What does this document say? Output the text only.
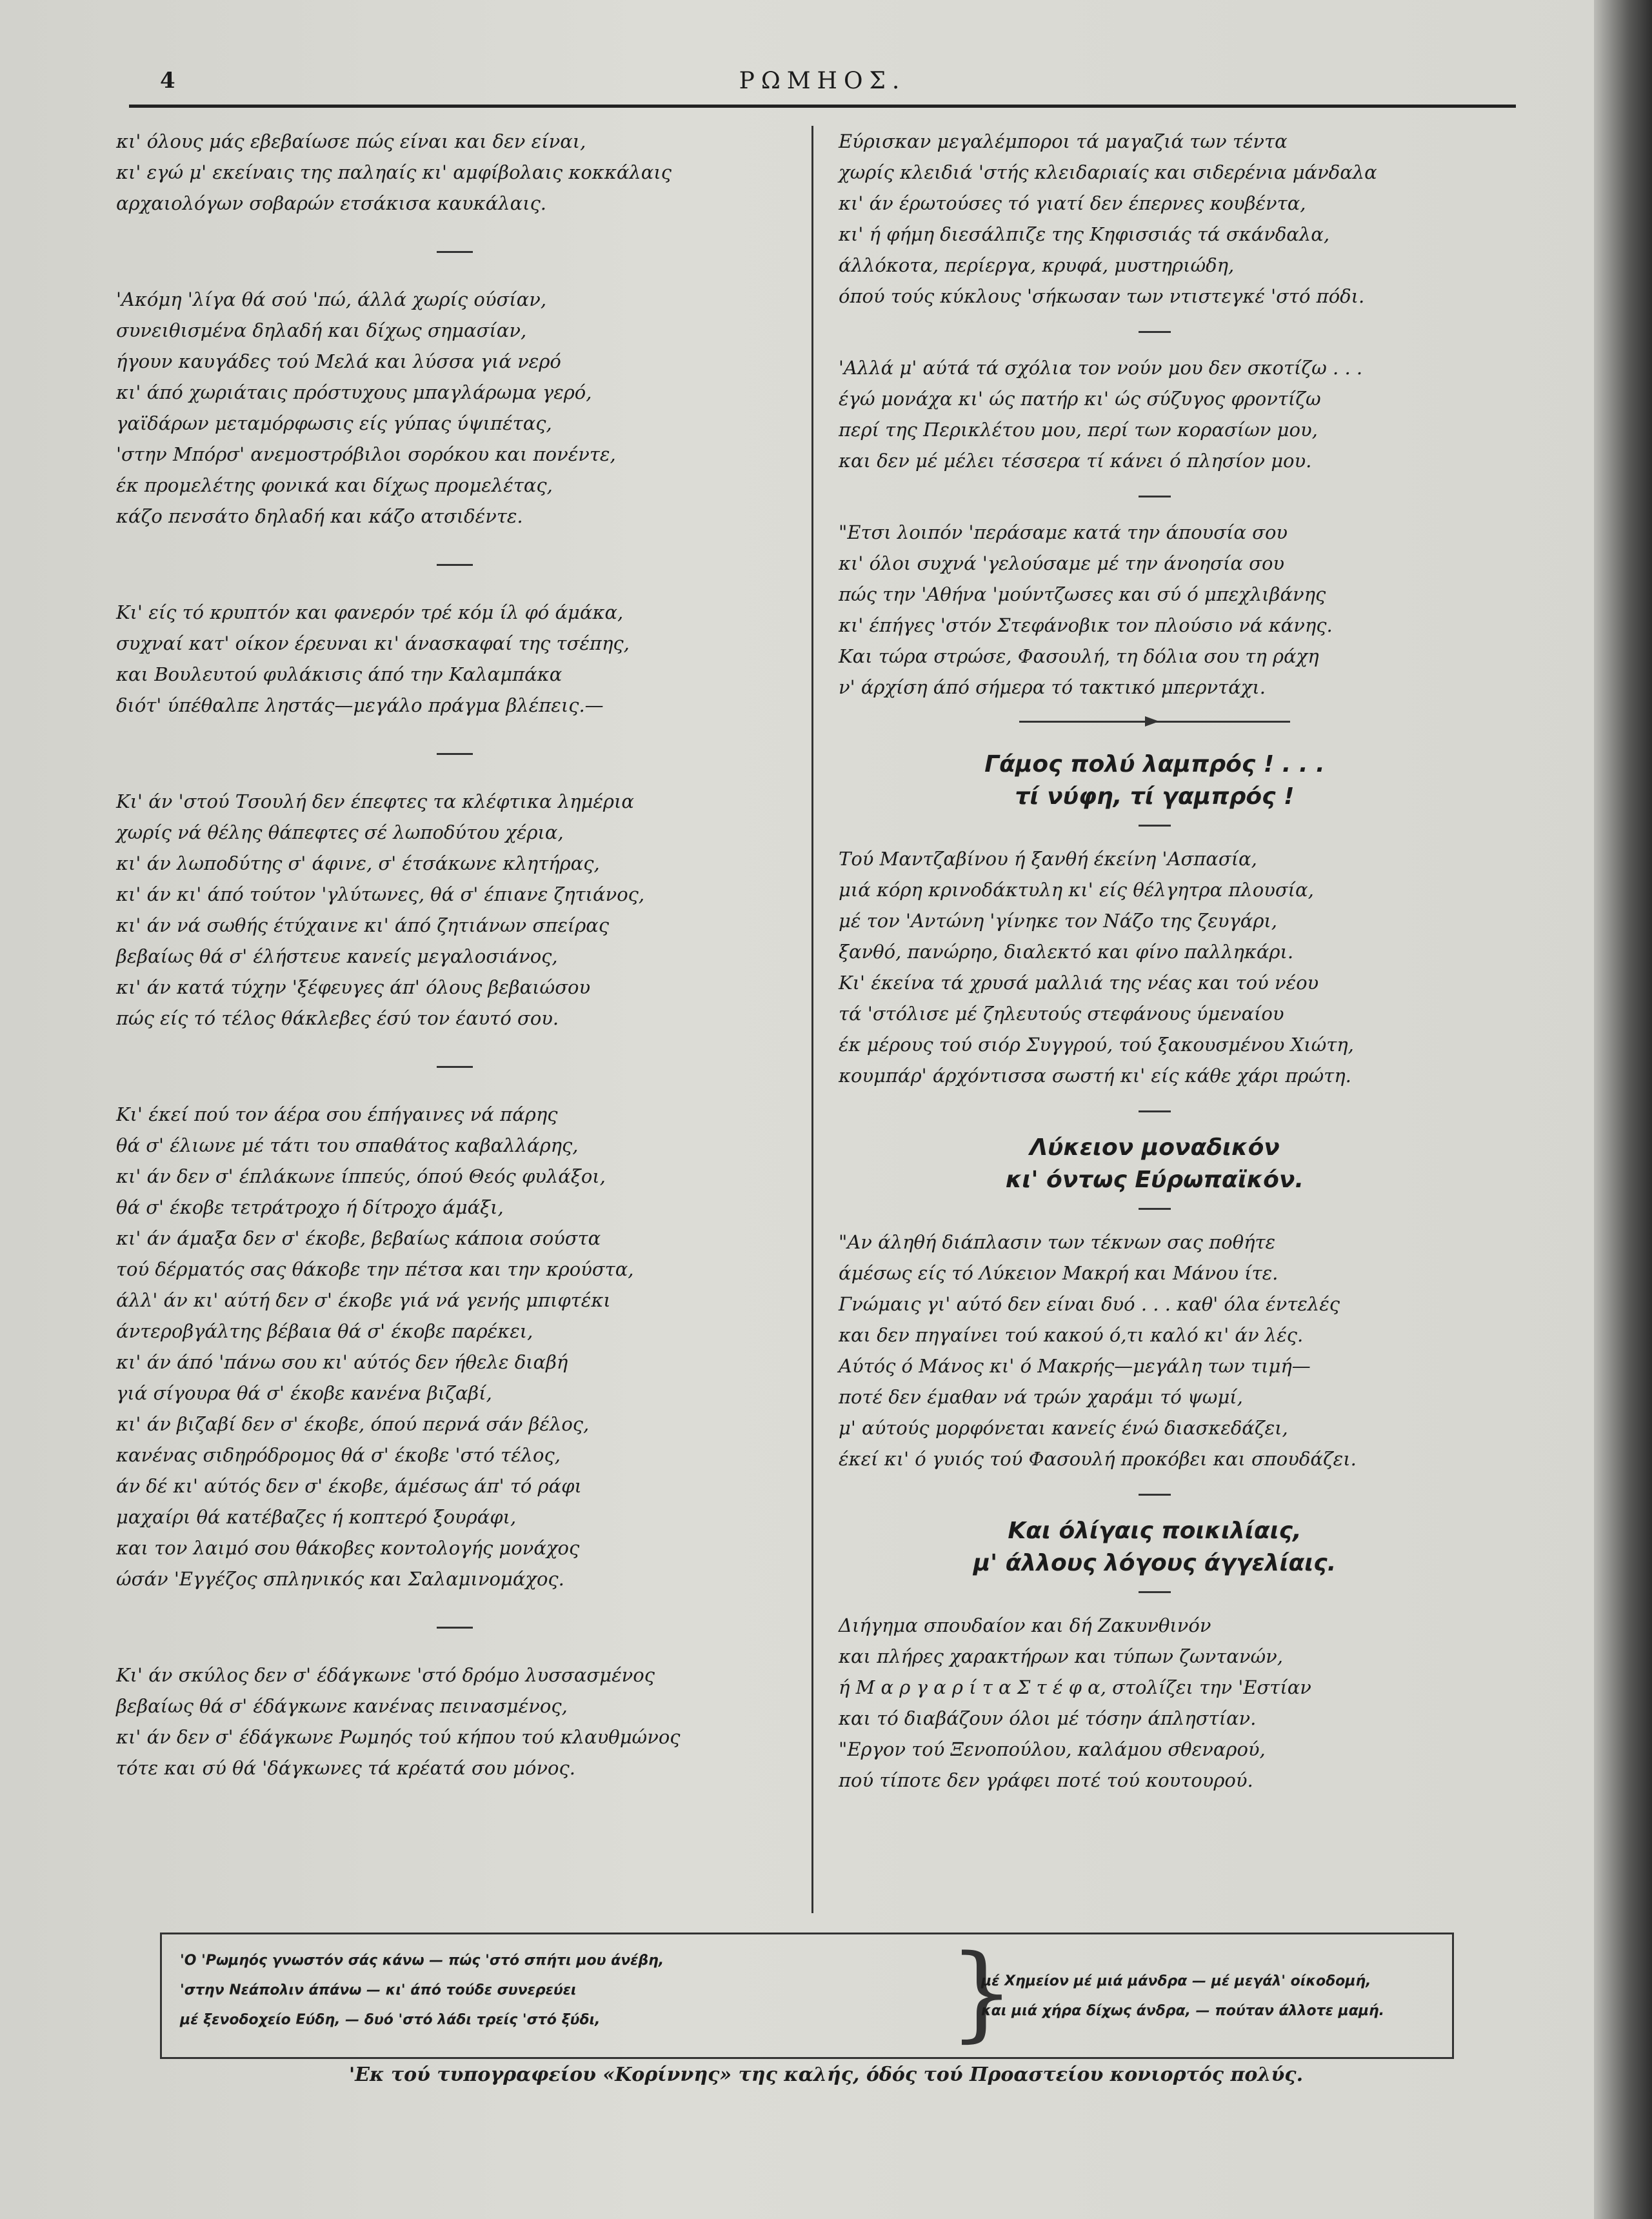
4	ΡΩΜΗΟΣ.
κι' όλους μάς εβεβαίωσε πώς είναι και δεν είναι,
κι' εγώ μ' εκείναις της παληαίς κι' αμφίβολαις κοκκάλαις
αρχαιολόγων σοβαρών ετσάκισα καυκάλαις.
'Ακόμη 'λίγα θά σού 'πώ, άλλά χωρίς ούσίαν,
συνειθισμένα δηλαδή και δίχως σημασίαν,
ήγουν καυγάδες τού Μελά και λύσσα γιά νερό
κι' άπό χωριάταις πρόστυχους μπαγλάρωμα γερό,
γαϊδάρων μεταμόρφωσις είς γύπας ύψιπέτας,
'στην Μπόρσ' ανεμοστρόβιλοι σορόκου και πονέντε,
έκ προμελέτης φονικά και δίχως προμελέτας,
κάζο πενσάτο δηλαδή και κάζο ατσιδέντε.
Κι' είς τό κρυπτόν και φανερόν τρέ κόμ ίλ φό άμάκα,
συχναί κατ' οίκον έρευναι κι' άνασκαφαί της τσέπης,
και Βουλευτού φυλάκισις άπό την Καλαμπάκα
διότ' ύπέθαλπε ληστάς—μεγάλο πράγμα βλέπεις.—
Κι' άν 'στού Τσουλή δεν έπεφτες τα κλέφτικα λημέρια
χωρίς νά θέλης θάπεφτες σέ λωποδύτου χέρια,
κι' άν λωποδύτης σ' άφινε, σ' έτσάκωνε κλητήρας,
κι' άν κι' άπό τούτον 'γλύτωνες, θά σ' έπιανε ζητιάνος,
κι' άν νά σωθής έτύχαινε κι' άπό ζητιάνων σπείρας
βεβαίως θά σ' έλήστευε κανείς μεγαλοσιάνος,
κι' άν κατά τύχην 'ξέφευγες άπ' όλους βεβαιώσου
πώς είς τό τέλος θάκλεβες έσύ τον έαυτό σου.
Κι' έκεί πού τον άέρα σου έπήγαινες νά πάρης
θά σ' έλιωνε μέ τάτι του σπαθάτος καβαλλάρης,
κι' άν δεν σ' έπλάκωνε ίππεύς, όπού Θεός φυλάξοι,
θά σ' έκοβε τετράτροχο ή δίτροχο άμάξι,
κι' άν άμαξα δεν σ' έκοβε, βεβαίως κάποια σούστα
τού δέρματός σας θάκοβε την πέτσα και την κρούστα,
άλλ' άν κι' αύτή δεν σ' έκοβε γιά νά γενής μπιφτέκι
άντεροβγάλτης βέβαια θά σ' έκοβε παρέκει,
κι' άν άπό 'πάνω σου κι' αύτός δεν ήθελε διαβή
γιά σίγουρα θά σ' έκοβε κανένα βιζαβί,
κι' άν βιζαβί δεν σ' έκοβε, όπού περνά σάν βέλος,
κανένας σιδηρόδρομος θά σ' έκοβε 'στό τέλος,
άν δέ κι' αύτός δεν σ' έκοβε, άμέσως άπ' τό ράφι
μαχαίρι θά κατέβαζες ή κοπτερό ξουράφι,
και τον λαιμό σου θάκοβες κοντολογής μονάχος
ώσάν 'Εγγέζος σπληνικός και Σαλαμινομάχος.
Κι' άν σκύλος δεν σ' έδάγκωνε 'στό δρόμο λυσσασμένος
βεβαίως θά σ' έδάγκωνε κανένας πεινασμένος,
κι' άν δεν σ' έδάγκωνε Ρωμηός τού κήπου τού κλαυθμώνος
τότε και σύ θά 'δάγκωνες τά κρέατά σου μόνος.
Εύρισκαν μεγαλέμποροι τά μαγαζιά των τέντα
χωρίς κλειδιά 'στής κλειδαριαίς και σιδερένια μάνδαλα
κι' άν έρωτούσες τό γιατί δεν έπερνες κουβέντα,
κι' ή φήμη διεσάλπιζε της Κηφισσιάς τά σκάνδαλα,
άλλόκοτα, περίεργα, κρυφά, μυστηριώδη,
όπού τούς κύκλους 'σήκωσαν των ντιστεγκέ 'στό πόδι.
'Αλλά μ' αύτά τά σχόλια τον νούν μου δεν σκοτίζω . . .
έγώ μονάχα κι' ώς πατήρ κι' ώς σύζυγος φροντίζω
περί της Περικλέτου μου, περί των κορασίων μου,
και δεν μέ μέλει τέσσερα τί κάνει ό πλησίον μου.
"Ετσι λοιπόν 'περάσαμε κατά την άπουσία σου
κι' όλοι συχνά 'γελούσαμε μέ την άνοησία σου
πώς την 'Αθήνα 'μούντζωσες και σύ ό μπεχλιβάνης
κι' έπήγες 'στόν Στεφάνοβικ τον πλούσιο νά κάνης.
Και τώρα στρώσε, Φασουλή, τη δόλια σου τη ράχη
ν' άρχίση άπό σήμερα τό τακτικό μπερντάχι.
Γάμος πολύ λαμπρός ! . . .
τί νύφη, τί γαμπρός !
Τού Μαντζαβίνου ή ξανθή έκείνη 'Ασπασία,
μιά κόρη κρινοδάκτυλη κι' είς θέλγητρα πλουσία,
μέ τον 'Αντώνη 'γίνηκε τον Νάζο της ζευγάρι,
ξανθό, πανώρηο, διαλεκτό και φίνο παλληκάρι.
Κι' έκείνα τά χρυσά μαλλιά της νέας και τού νέου
τά 'στόλισε μέ ζηλευτούς στεφάνους ύμεναίου
έκ μέρους τού σιόρ Συγγρού, τού ξακουσμένου Χιώτη,
κουμπάρ' άρχόντισσα σωστή κι' είς κάθε χάρι πρώτη.
Λύκειον μοναδικόν
κι' όντως Εύρωπαϊκόν.
"Αν άληθή διάπλασιν των τέκνων σας ποθήτε
άμέσως είς τό Λύκειον Μακρή και Μάνου ίτε.
Γνώμαις γι' αύτό δεν είναι δυό . . . καθ' όλα έντελές
και δεν πηγαίνει τού κακού ό,τι καλό κι' άν λές.
Αύτός ό Μάνος κι' ό Μακρής—μεγάλη των τιμή—
ποτέ δεν έμαθαν νά τρών χαράμι τό ψωμί,
μ' αύτούς μορφόνεται κανείς ένώ διασκεδάζει,
έκεί κι' ό γυιός τού Φασουλή προκόβει και σπουδάζει.
Και όλίγαις ποικιλίαις,
μ' άλλους λόγους άγγελίαις.
Διήγημα σπουδαίον και δή Ζακυνθινόν
και πλήρες χαρακτήρων και τύπων ζωντανών,
ή Μ α ρ γ α ρ ί τ α Σ τ έ φ α, στολίζει την 'Εστίαν
και τό διαβάζουν όλοι μέ τόσην άπληστίαν.
"Εργον τού Ξενοπούλου, καλάμου σθεναρού,
πού τίποτε δεν γράφει ποτέ τού κουτουρού.
'Ο 'Ρωμηός γνωστόν σάς κάνω — πώς 'στό σπήτι μου άνέβη,
'στην Νεάπολιν άπάνω — κι' άπό τούδε συνερεύει
μέ ξενοδοχείο Εύδη, — δυό 'στό λάδι τρείς 'στό ξύδι,	}
μέ Χημείον μέ μιά μάνδρα — μέ μεγάλ' οίκοδομή,
και μιά χήρα δίχως άνδρα, — πούταν άλλοτε μαμή.
'Εκ τού τυπογραφείου «Κορίννης» της καλής, όδός τού Προαστείου κονιορτός πολύς.
